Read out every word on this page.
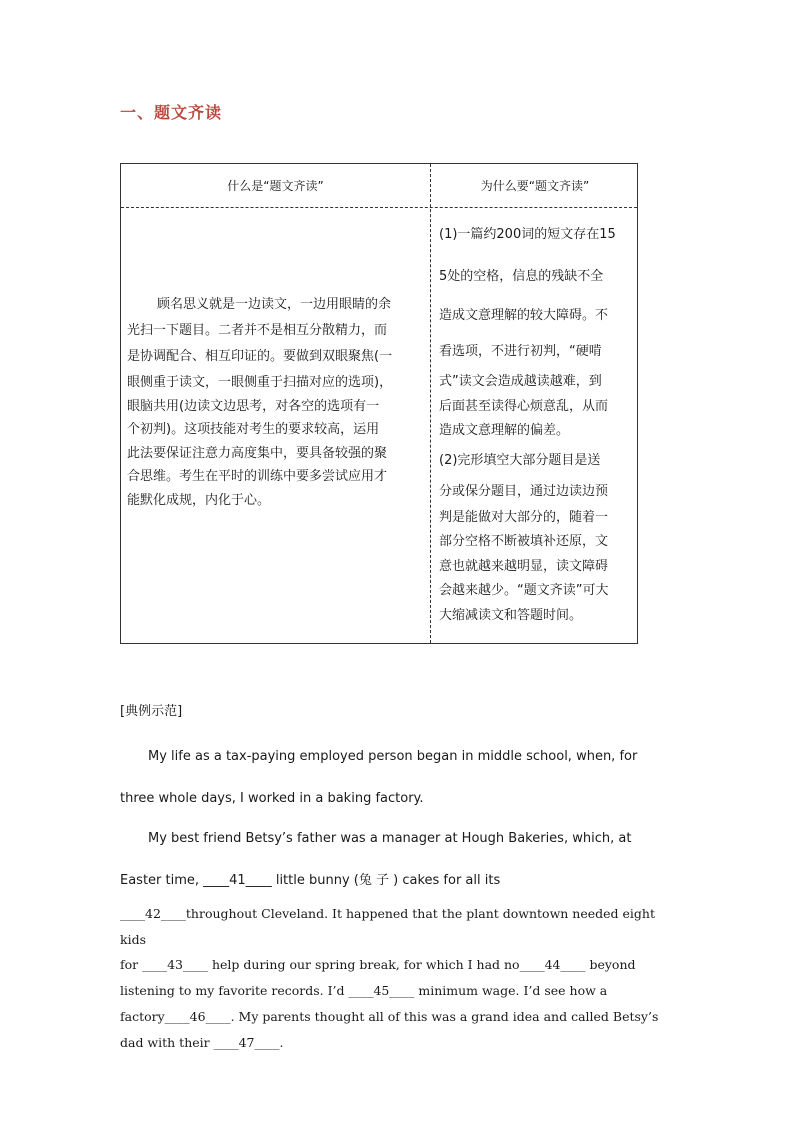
一、题文齐读
什么是“题文齐读”	为什么要“题文齐读”

顾名思义就是一边读文，一边用眼睛的余

光扫一下题目。二者并不是相互分散精力，而

是协调配合、相互印证的。要做到双眼聚焦(一

眼侧重于读文，一眼侧重于扫描对应的选项)，

眼脑共用(边读文边思考，对各空的选项有一

个初判)。这项技能对考生的要求较高，运用

此法要保证注意力高度集中，要具备较强的聚

合思维。考生在平时的训练中要多尝试应用才

能默化成规，内化于心。

(1)一篇约200词的短文存在15

5处的空格，信息的残缺不全

造成文意理解的较大障碍。不

看选项，不进行初判，“硬啃

式”读文会造成越读越难，到

后面甚至读得心烦意乱，从而

造成文意理解的偏差。

(2)完形填空大部分题目是送

分或保分题目，通过边读边预

判是能做对大部分的，随着一

部分空格不断被填补还原，文

意也就越来越明显，读文障碍

会越来越少。“题文齐读”可大

大缩减读文和答题时间。

[典例示范]

My life as a tax-paying employed person began in middle school, when, for

three whole days, I worked in a baking factory.

My best friend Betsy’s father was a manager at Hough Bakeries, which, at

Easter time, ____41____ little bunny (兔 子 ) cakes for all its

____42____throughout Cleveland. It happened that the plant downtown needed eight kids

for ____43____ help during our spring break, for which I had no____44____ beyond

listening to my favorite records. I’d ____45____ minimum wage. I’d see how a

factory____46____. My parents thought all of this was a grand idea and called Betsy’s

dad with their ____47____.
